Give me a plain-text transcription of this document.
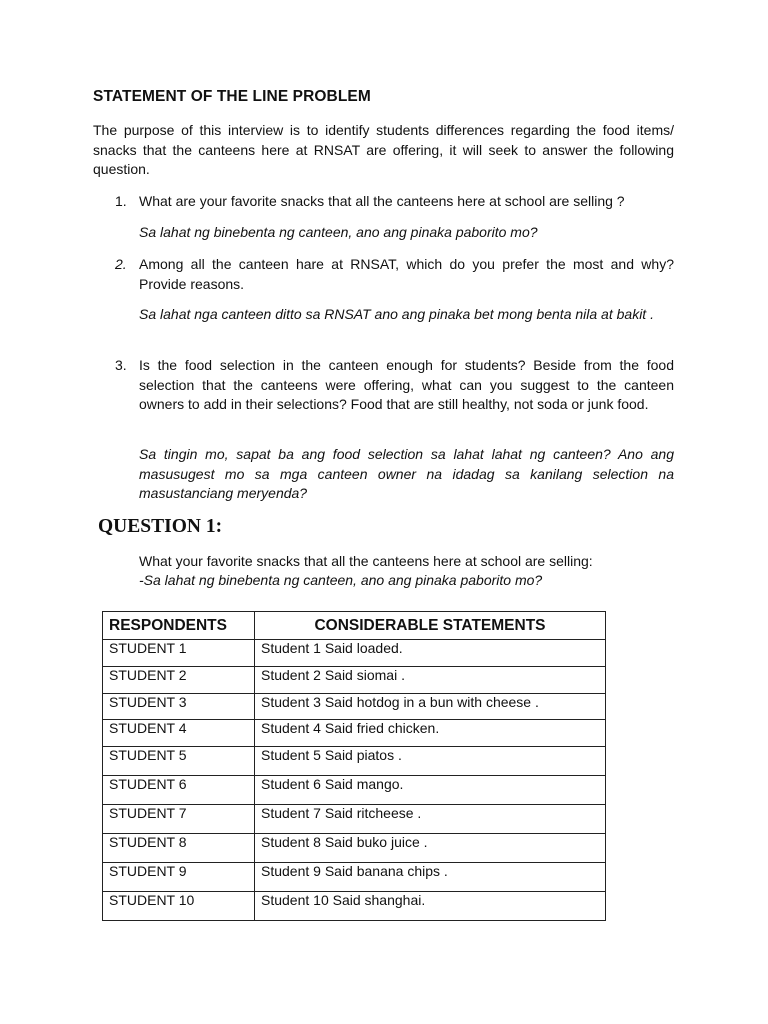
STATEMENT OF THE LINE PROBLEM
The purpose of this interview is to identify students differences regarding the food items/ snacks that the canteens here at RNSAT are offering, it will seek to answer the following question.
1. What are your favorite snacks that all the canteens here at school are selling ?
Sa lahat ng binebenta ng canteen, ano ang pinaka paborito mo?
2. Among all the canteen hare at RNSAT, which do you prefer the most and why? Provide reasons.
Sa lahat nga canteen ditto sa RNSAT ano ang pinaka bet mong benta nila at bakit .
3. Is the food selection in the canteen enough for students? Beside from the food selection that the canteens were offering, what can you suggest to the canteen owners to add in their selections? Food that are still healthy, not soda or junk food.
Sa tingin mo, sapat ba ang food selection sa lahat lahat ng canteen? Ano ang masusugest mo sa mga canteen owner na idadag sa kanilang selection na masustanciang meryenda?
QUESTION 1:
What your favorite snacks that all the canteens here at school are selling:
-Sa lahat ng binebenta ng canteen, ano ang pinaka paborito mo?
RESPONDENTS	CONSIDERABLE STATEMENTS
STUDENT 1	Student 1 Said loaded.
STUDENT 2	Student 2 Said siomai .
STUDENT 3	Student 3 Said hotdog in a bun with cheese .
STUDENT 4	Student 4 Said fried chicken.
STUDENT 5	Student 5 Said piatos .
STUDENT 6	Student 6 Said mango.
STUDENT 7	Student 7 Said ritcheese .
STUDENT 8	Student 8 Said buko juice .
STUDENT 9	Student 9 Said banana chips .
STUDENT 10	Student 10 Said shanghai.
